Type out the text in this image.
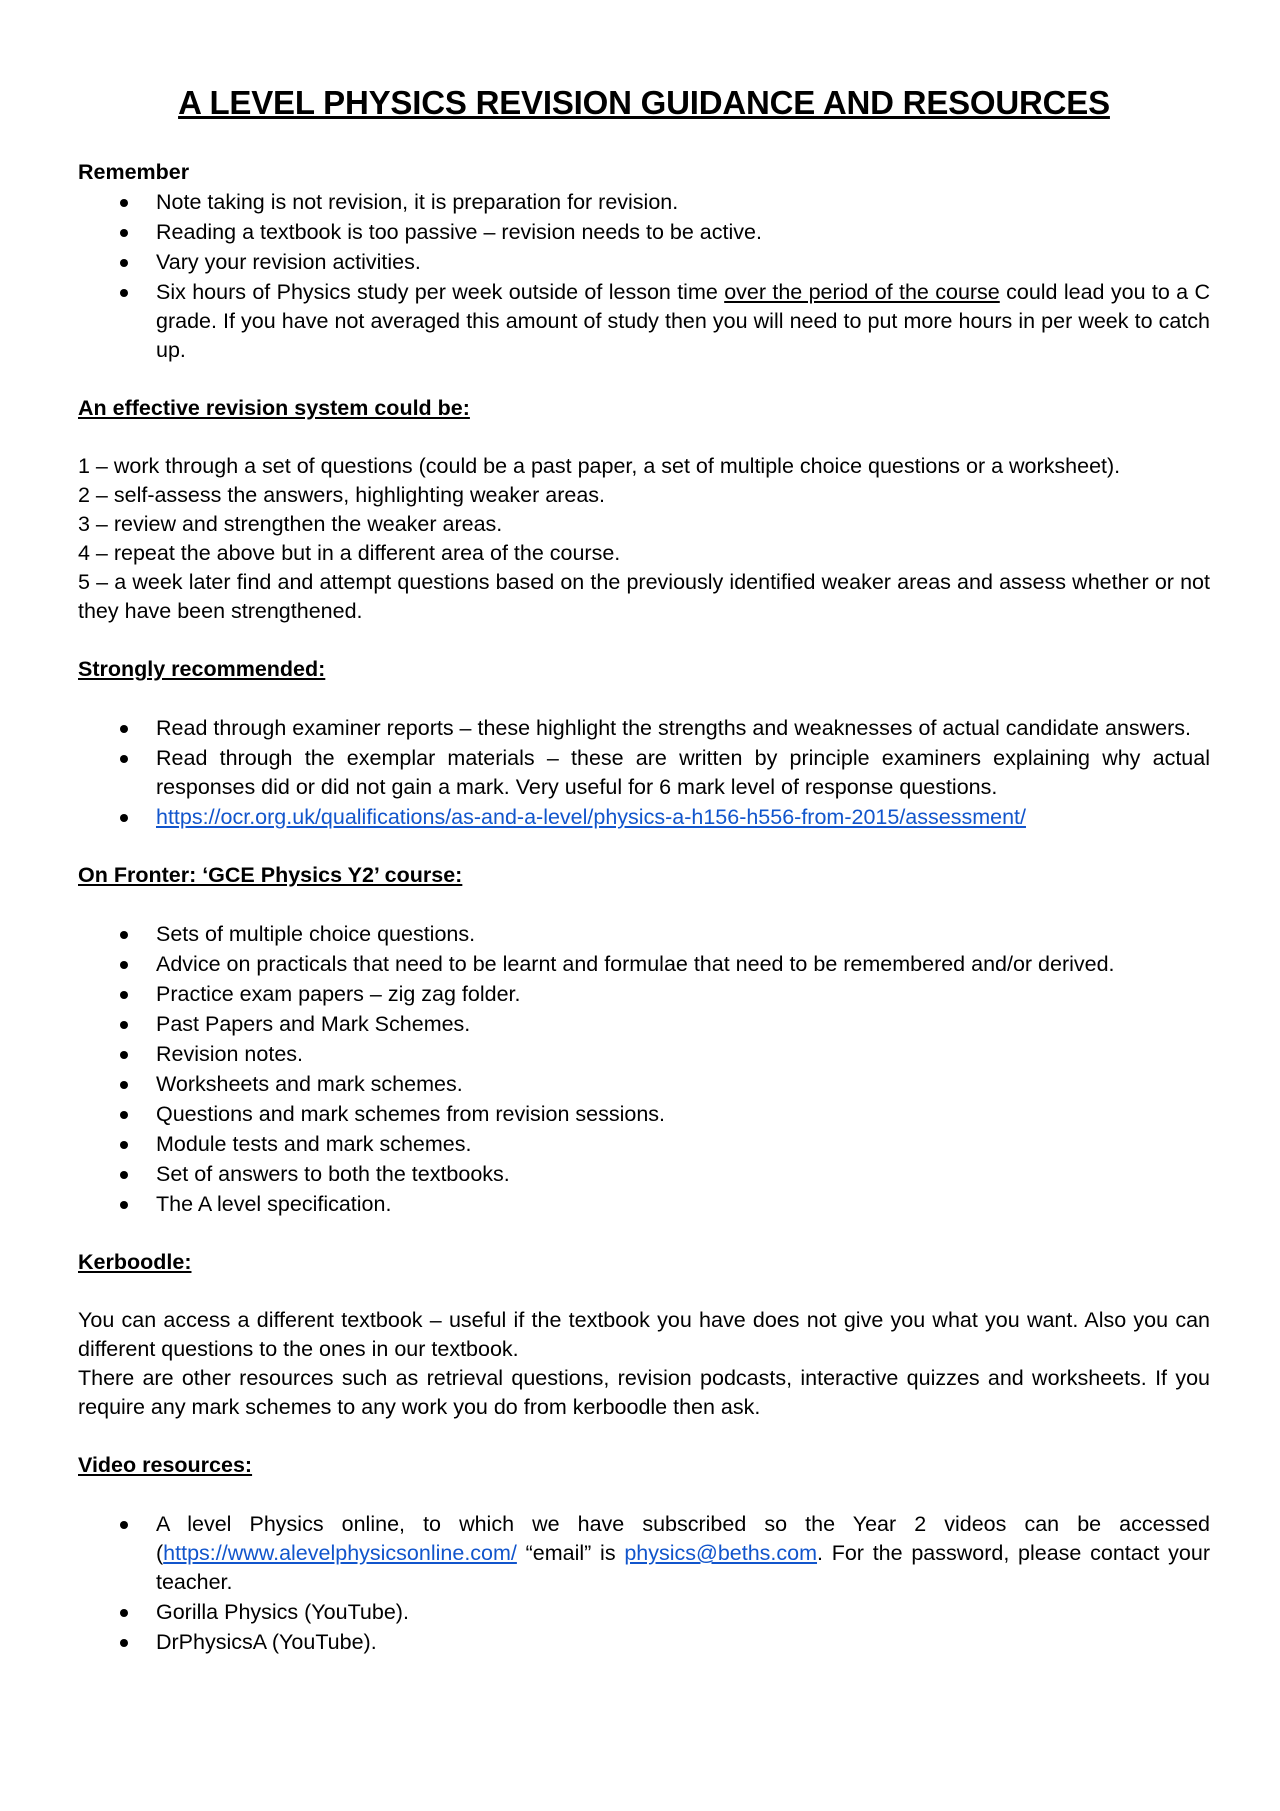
A LEVEL PHYSICS REVISION GUIDANCE AND RESOURCES
Remember
Note taking is not revision, it is preparation for revision.
Reading a textbook is too passive – revision needs to be active.
Vary your revision activities.
Six hours of Physics study per week outside of lesson time over the period of the course could lead you to a C grade. If you have not averaged this amount of study then you will need to put more hours in per week to catch up.
An effective revision system could be:
1 – work through a set of questions (could be a past paper, a set of multiple choice questions or a worksheet).
2 – self-assess the answers, highlighting weaker areas.
3 – review and strengthen the weaker areas.
4 – repeat the above but in a different area of the course.
5 – a week later find and attempt questions based on the previously identified weaker areas and assess whether or not they have been strengthened.
Strongly recommended:
Read through examiner reports – these highlight the strengths and weaknesses of actual candidate answers.
Read through the exemplar materials – these are written by principle examiners explaining why actual responses did or did not gain a mark. Very useful for 6 mark level of response questions.
https://ocr.org.uk/qualifications/as-and-a-level/physics-a-h156-h556-from-2015/assessment/
On Fronter: ‘GCE Physics Y2’ course:
Sets of multiple choice questions.
Advice on practicals that need to be learnt and formulae that need to be remembered and/or derived.
Practice exam papers – zig zag folder.
Past Papers and Mark Schemes.
Revision notes.
Worksheets and mark schemes.
Questions and mark schemes from revision sessions.
Module tests and mark schemes.
Set of answers to both the textbooks.
The A level specification.
Kerboodle:
You can access a different textbook – useful if the textbook you have does not give you what you want. Also you can different questions to the ones in our textbook.
There are other resources such as retrieval questions, revision podcasts, interactive quizzes and worksheets. If you require any mark schemes to any work you do from kerboodle then ask.
Video resources:
A level Physics online, to which we have subscribed so the Year 2 videos can be accessed (https://www.alevelphysicsonline.com/ “email” is physics@beths.com. For the password, please contact your teacher.
Gorilla Physics (YouTube).
DrPhysicsA (YouTube).
